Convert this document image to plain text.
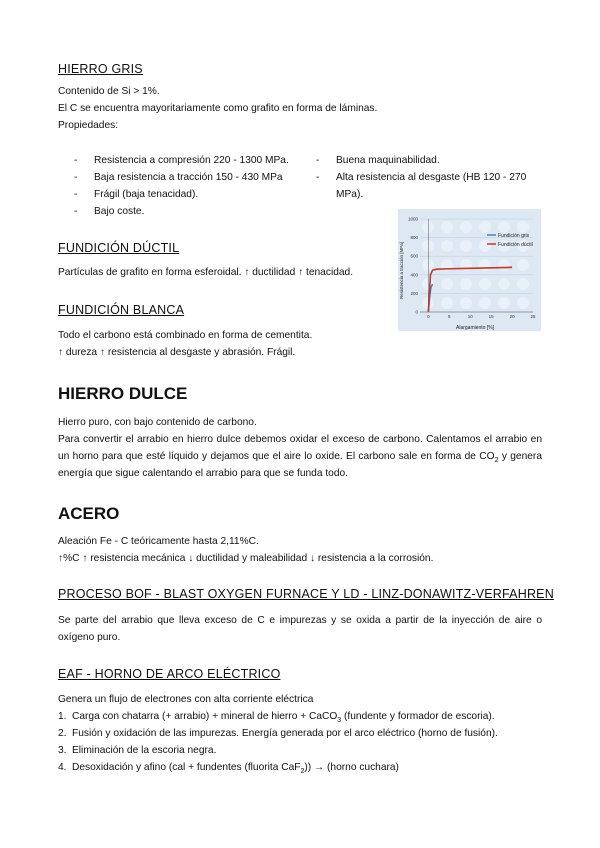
HIERRO GRIS
Contenido de Si > 1%.
El C se encuentra mayoritariamente como grafito en forma de láminas.
Propiedades:
- Resistencia a compresión 220 - 1300 MPa.
- Baja resistencia a tracción 150 - 430 MPa
- Frágil (baja tenacidad).
- Bajo coste.
- Buena maquinabilidad.
- Alta resistencia al desgaste (HB 120 - 270 MPa).
1000
800
600
400
200
0
0	5	10	15	20	25
Resistencia a tracción [MPa]
Alargamiento [%]
Fundición gris
Fundición dúctil
FUNDICIÓN DÚCTIL
Partículas de grafito en forma esferoidal. ↑ ductilidad ↑ tenacidad.
FUNDICIÓN BLANCA
Todo el carbono está combinado en forma de cementita.
↑ dureza ↑ resistencia al desgaste y abrasión. Frágil.
HIERRO DULCE
Hierro puro, con bajo contenido de carbono.
Para convertir el arrabio en hierro dulce debemos oxidar el exceso de carbono. Calentamos el arrabio en un horno para que esté líquido y dejamos que el aire lo oxide. El carbono sale en forma de $CO_2$ y genera energía que sigue calentando el arrabio para que se funda todo.
ACERO
Aleación Fe - C teóricamente hasta 2,11%C.
↑%C ↑ resistencia mecánica ↓ ductilidad y maleabilidad ↓ resistencia a la corrosión.
PROCESO BOF - BLAST OXYGEN FURNACE Y LD - LINZ-DONAWITZ-VERFAHREN
Se parte del arrabio que lleva exceso de C e impurezas y se oxida a partir de la inyección de aire o oxígeno puro.
EAF - HORNO DE ARCO ELÉCTRICO
Genera un flujo de electrones con alta corriente eléctrica
1. Carga con chatarra (+ arrabio) + mineral de hierro + CaCO$_3$ (fundente y formador de escoria).
2. Fusión y oxidación de las impurezas. Energía generada por el arco eléctrico (horno de fusión).
3. Eliminación de la escoria negra.
4. Desoxidación y afino (cal + fundentes (fluorita CaF$_2$)) → (horno cuchara)
